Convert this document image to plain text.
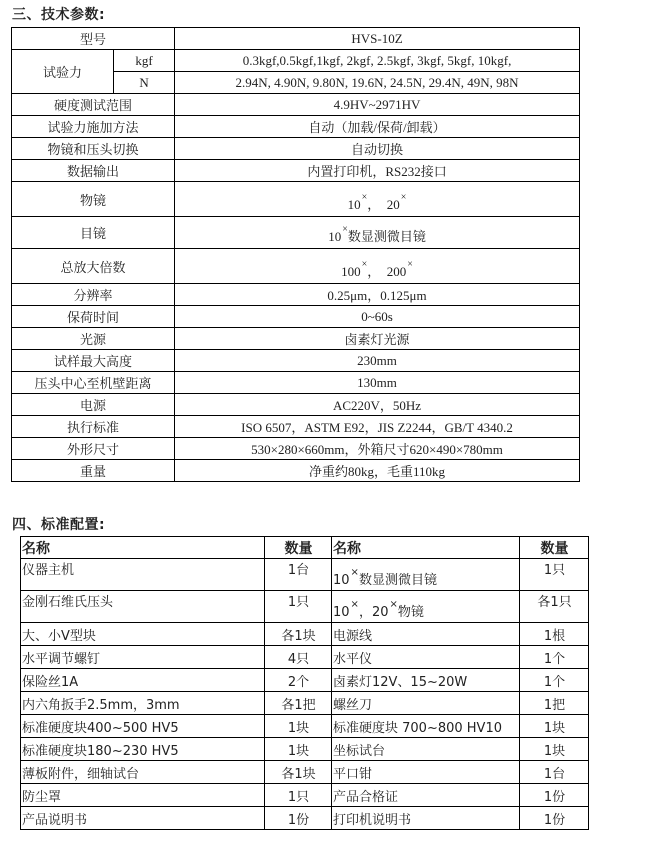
三、技术参数:
型号		HVS-10Z
试验力	kgf	0.3kgf,0.5kgf,1kgf, 2kgf, 2.5kgf, 3kgf, 5kgf, 10kgf,
	N	2.94N, 4.90N, 9.80N, 19.6N, 24.5N, 29.4N, 49N, 98N
硬度测试范围		4.9HV~2971HV
试验力施加方法		自动（加载/保荷/卸载）
物镜和压头切换		自动切换
数据输出		内置打印机，RS232接口
物镜		10×， 20×
目镜		10×数显测微目镜
总放大倍数		100×， 200×
分辨率		0.25μm，0.125μm
保荷时间		0~60s
光源		卤素灯光源
试样最大高度		230mm
压头中心至机壁距离		130mm
电源		AC220V，50Hz
执行标准		ISO 6507，ASTM E92，JIS Z2244，GB/T 4340.2
外形尺寸		530×280×660mm，外箱尺寸620×490×780mm
重量		净重约80kg，毛重110kg
四、标准配置:
名称	数量	名称	数量
仪器主机	1台	10×数显测微目镜	1只
金刚石维氏压头	1只	10×，20×物镜	各1只
大、小V型块	各1块	电源线	1根
水平调节螺钉	4只	水平仪	1个
保险丝1A	2个	卤素灯12V、15~20W	1个
内六角扳手2.5mm，3mm	各1把	螺丝刀	1把
标准硬度块400~500 HV5	1块	标准硬度块 700~800 HV10	1块
标准硬度块180~230 HV5	1块	坐标试台	1块
薄板附件，细轴试台	各1块	平口钳	1台
防尘罩	1只	产品合格证	1份
产品说明书	1份	打印机说明书	1份
